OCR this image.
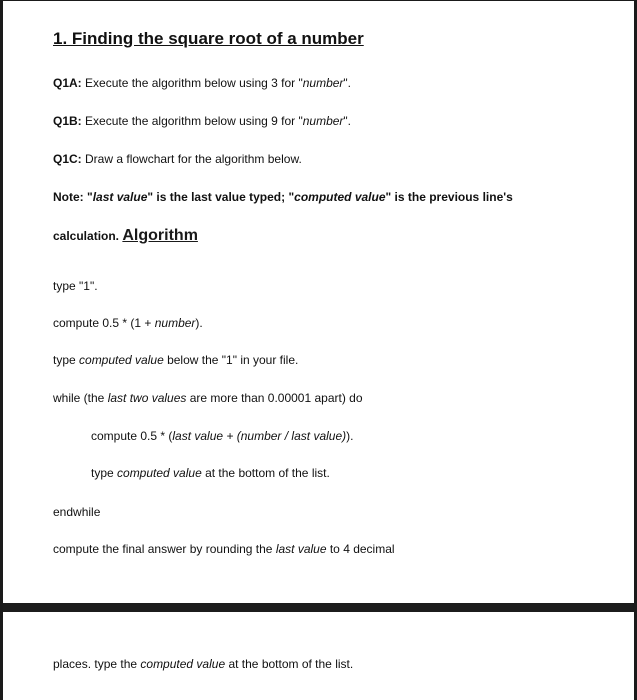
1. Finding the square root of a number

Q1A: Execute the algorithm below using 3 for "number".

Q1B: Execute the algorithm below using 9 for "number".

Q1C: Draw a flowchart for the algorithm below.

Note: "last value" is the last value typed; "computed value" is the previous line's

calculation. Algorithm

type "1".

compute 0.5 * (1 + number).

type computed value below the "1" in your file.

while (the last two values are more than 0.00001 apart) do

compute 0.5 * (last value + (number / last value)).

type computed value at the bottom of the list.

endwhile

compute the final answer by rounding the last value to 4 decimal

places. type the computed value at the bottom of the list.
